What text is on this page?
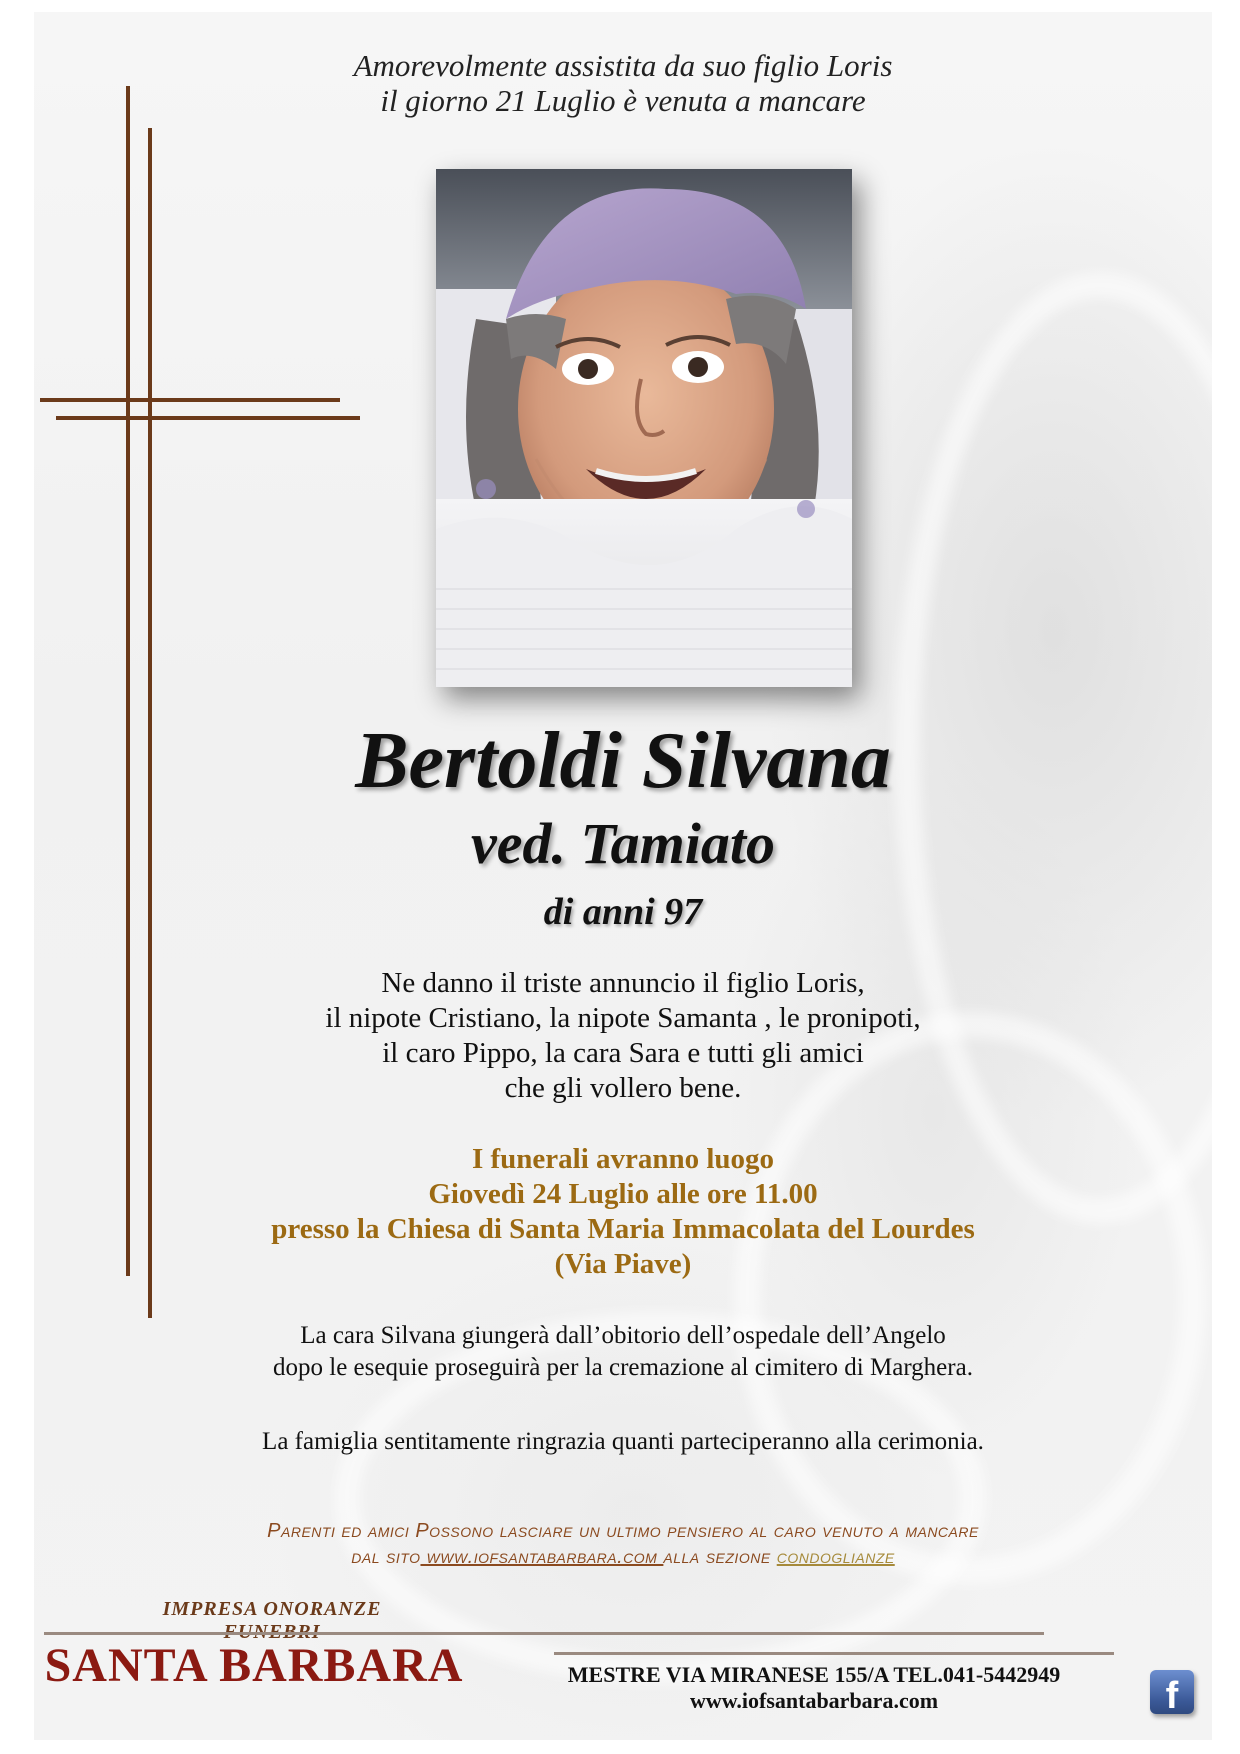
Amorevolmente assistita da suo figlio Loris
il giorno 21 Luglio è venuta a mancare
Bertoldi Silvana
ved. Tamiato
di anni 97
Ne danno il triste annuncio il figlio Loris,
il nipote Cristiano, la nipote Samanta , le pronipoti,
il caro Pippo, la cara Sara e tutti gli amici
che gli vollero bene.
I funerali avranno luogo
Giovedì 24 Luglio alle ore 11.00
presso la Chiesa di Santa Maria Immacolata del Lourdes
(Via Piave)
La cara Silvana giungerà dall’obitorio dell’ospedale dell’Angelo
dopo le esequie proseguirà per la cremazione al cimitero di Marghera.
La famiglia sentitamente ringrazia quanti parteciperanno alla cerimonia.
Parenti ed amici Possono lasciare un ultimo pensiero al caro venuto a mancare
dal sito www.iofsantabarbara.com alla sezione condoglianze
IMPRESA ONORANZE
SANTA BARBARA	MESTRE VIA MIRANESE 155/A TEL.041-5442949
www.iofsantabarbara.com	f
